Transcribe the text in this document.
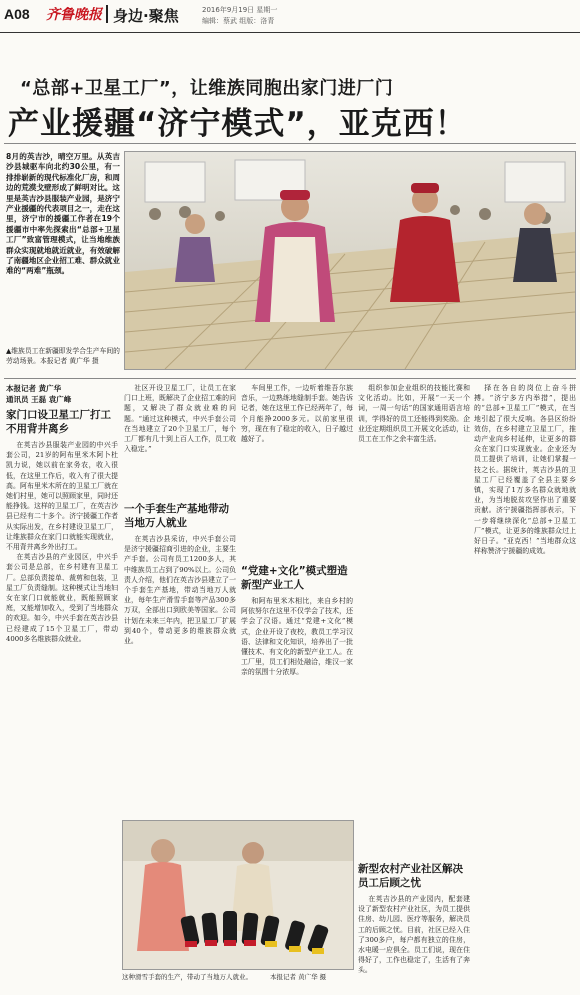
A08 齐鲁晚报 身边·聚焦	2016年9月19日 星期一
编辑：蔡武 组版：洛青
“总部+卫星工厂”，让维族同胞出家门进厂门
产业援疆“济宁模式”，亚克西！
8月的英吉沙，晴空万里。从英吉沙县城驱车向北约30公里，有一排排崭新的现代标准化厂房，和周边的荒漠戈壁形成了鲜明对比。这里是英吉沙县服装产业园，是济宁产业援疆的代表项目之一，走在这里，济宁市的援疆工作者在19个援疆市中率先探索出“总部+卫星工厂”致富管理模式，让当地维族群众实现就地就近就业，有效破解了南疆地区企业招工难、群众就业难的“两难”瓶颈。
▲维族员工在新疆即发学合生产车间的劳动场景。本报记者 黄广华 摄
本报记者 黄广华
通讯员 王磊 袁广峰
家门口设卫星工厂打工不用背井离乡

在英吉沙县服装产业园的中兴手套公司，21岁的阿布里米木阿卜杜凯力说，她以前在家务农，收入很低，在这里工作后，收入有了很大提高。阿布里米木所在的卫星工厂就在她们村里，她可以照顾家里，同时还能挣钱。这样的卫星工厂，在英吉沙县已经有二十多个。济宁援疆工作者从实际出发，在乡村建设卫星工厂，让维族群众在家门口就能实现就业，不用背井离乡外出打工。

在英吉沙县的产业园区，中兴手套公司是总部，在乡村建有卫星工厂。总部负责接单、裁剪和包装，卫星工厂负责缝制。这种模式让当地妇女在家门口就能就业，既能照顾家庭，又能增加收入，受到了当地群众的欢迎。如今，中兴手套在英吉沙县已经建成了15个卫星工厂，带动4000多名维族群众就业。

社区开设卫星工厂，让员工在家门口上班，既解决了企业招工难的问题，又解决了群众就业难的问题。“通过这种模式，中兴手套公司在当地建立了20个卫星工厂，每个工厂都有几十到上百人工作，员工收入稳定。”

一个手套生产基地带动当地万人就业

在英吉沙县采访，中兴手套公司是济宁援疆招商引进的企业，主要生产手套。公司有员工1200多人，其中维族员工占到了90%以上。公司负责人介绍，他们在英吉沙县建立了一个手套生产基地，带动当地万人就业，每年生产滑雪手套等产品300多万双，全部出口到欧美等国家。公司计划在未来三年内，把卫星工厂扩展到40个，带动更多的维族群众就业。

车间里工作，一边听着维吾尔族音乐，一边熟练地缝制手套。她告诉记者，她在这里工作已经两年了，每个月能挣2000多元。以前家里很穷，现在有了稳定的收入，日子越过越好了。

“党建+文化”模式塑造新型产业工人

和阿布里米木相比，来自乡村的阿依努尔在这里不仅学会了技术，还学会了汉语。通过“党建+文化”模式，企业开设了夜校，教员工学习汉语、法律和文化知识，培养出了一批懂技术、有文化的新型产业工人。在工厂里，员工们相处融洽，维汉一家亲的氛围十分浓厚。

组织参加企业组织的技能比赛和文化活动。比如，开展“一天一个词，一周一句话”的国家通用语言培训，学得好的员工还能得到奖励。企业还定期组织员工开展文化活动，让员工在工作之余丰富生活。

新型农村产业社区解决员工后顾之忧

在英吉沙县的产业园内，配套建设了新型农村产业社区，为员工提供住房、幼儿园、医疗等服务，解决员工的后顾之忧。目前，社区已经入住了300多户，每户都有独立的住房，水电暖一应俱全。员工们说，现在住得好了，工作也稳定了，生活有了奔头。

择在各自的岗位上奋斗拼搏。“济宁多方内举措”，提出的“总部+卫星工厂”模式，在当地引起了很大反响。各县区纷纷效仿，在乡村建立卫星工厂，推动产业向乡村延伸，让更多的群众在家门口实现就业。企业还为员工提供了培训，让她们掌握一技之长。据统计，英吉沙县的卫星工厂已经覆盖了全县主要乡镇，实现了1万多名群众就地就业，为当地脱贫攻坚作出了重要贡献。济宁援疆指挥部表示，下一步将继续深化“总部+卫星工厂”模式，让更多的维族群众过上好日子。“亚克西！”当地群众这样称赞济宁援疆的成效。

这种滑雪手套的生产，带动了当地万人就业。	本报记者 黄广华 摄
